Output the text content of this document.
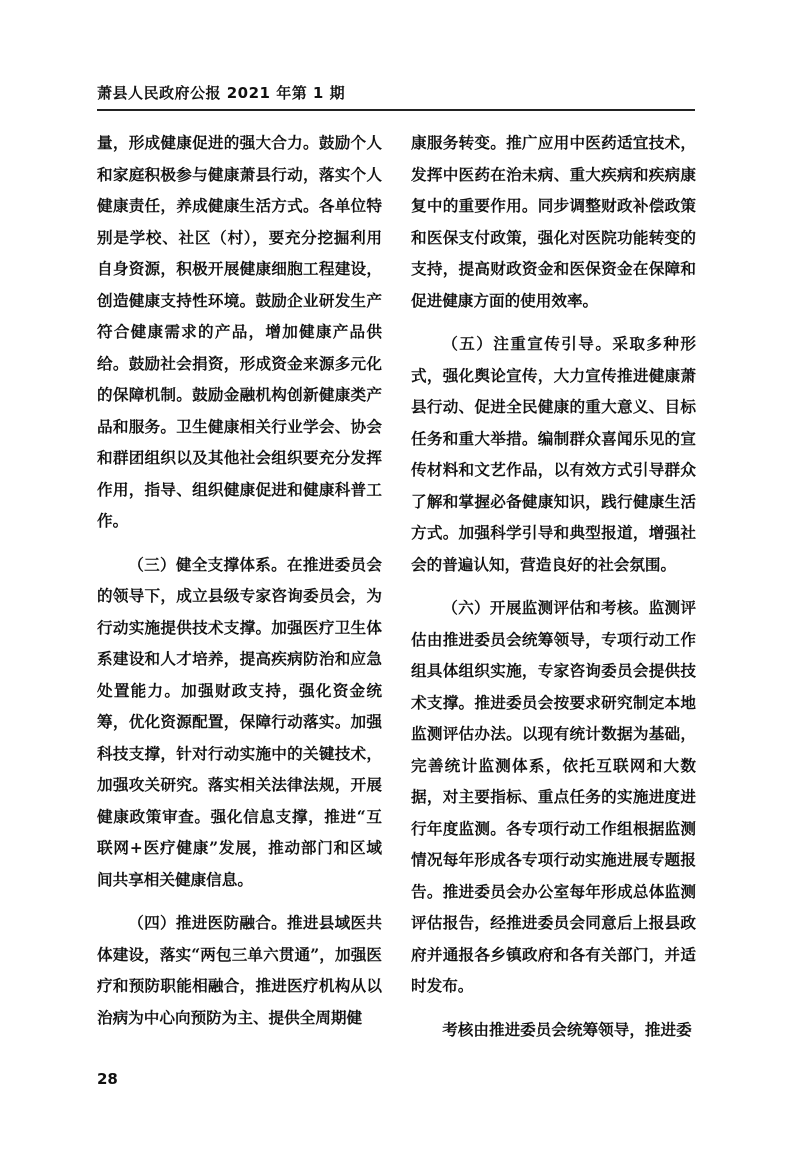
萧县人民政府公报 2021 年第 1 期

量，形成健康促进的强大合力。鼓励个人和家庭积极参与健康萧县行动，落实个人健康责任，养成健康生活方式。各单位特别是学校、社区（村），要充分挖掘利用自身资源，积极开展健康细胞工程建设，创造健康支持性环境。鼓励企业研发生产符合健康需求的产品，增加健康产品供给。鼓励社会捐资，形成资金来源多元化的保障机制。鼓励金融机构创新健康类产品和服务。卫生健康相关行业学会、协会和群团组织以及其他社会组织要充分发挥作用，指导、组织健康促进和健康科普工作。

（三）健全支撑体系。在推进委员会的领导下，成立县级专家咨询委员会，为行动实施提供技术支撑。加强医疗卫生体系建设和人才培养，提高疾病防治和应急处置能力。加强财政支持，强化资金统筹，优化资源配置，保障行动落实。加强科技支撑，针对行动实施中的关键技术，加强攻关研究。落实相关法律法规，开展健康政策审查。强化信息支撑，推进“互联网+医疗健康”发展，推动部门和区域间共享相关健康信息。

（四）推进医防融合。推进县域医共体建设，落实“两包三单六贯通”，加强医疗和预防职能相融合，推进医疗机构从以治病为中心向预防为主、提供全周期健

康服务转变。推广应用中医药适宜技术，发挥中医药在治未病、重大疾病和疾病康复中的重要作用。同步调整财政补偿政策和医保支付政策，强化对医院功能转变的支持，提高财政资金和医保资金在保障和促进健康方面的使用效率。

（五）注重宣传引导。采取多种形式，强化舆论宣传，大力宣传推进健康萧县行动、促进全民健康的重大意义、目标任务和重大举措。编制群众喜闻乐见的宣传材料和文艺作品，以有效方式引导群众了解和掌握必备健康知识，践行健康生活方式。加强科学引导和典型报道，增强社会的普遍认知，营造良好的社会氛围。

（六）开展监测评估和考核。监测评估由推进委员会统筹领导，专项行动工作组具体组织实施，专家咨询委员会提供技术支撑。推进委员会按要求研究制定本地监测评估办法。以现有统计数据为基础，完善统计监测体系，依托互联网和大数据，对主要指标、重点任务的实施进度进行年度监测。各专项行动工作组根据监测情况每年形成各专项行动实施进展专题报告。推进委员会办公室每年形成总体监测评估报告，经推进委员会同意后上报县政府并通报各乡镇政府和各有关部门，并适时发布。

考核由推进委员会统筹领导，推进委

28
